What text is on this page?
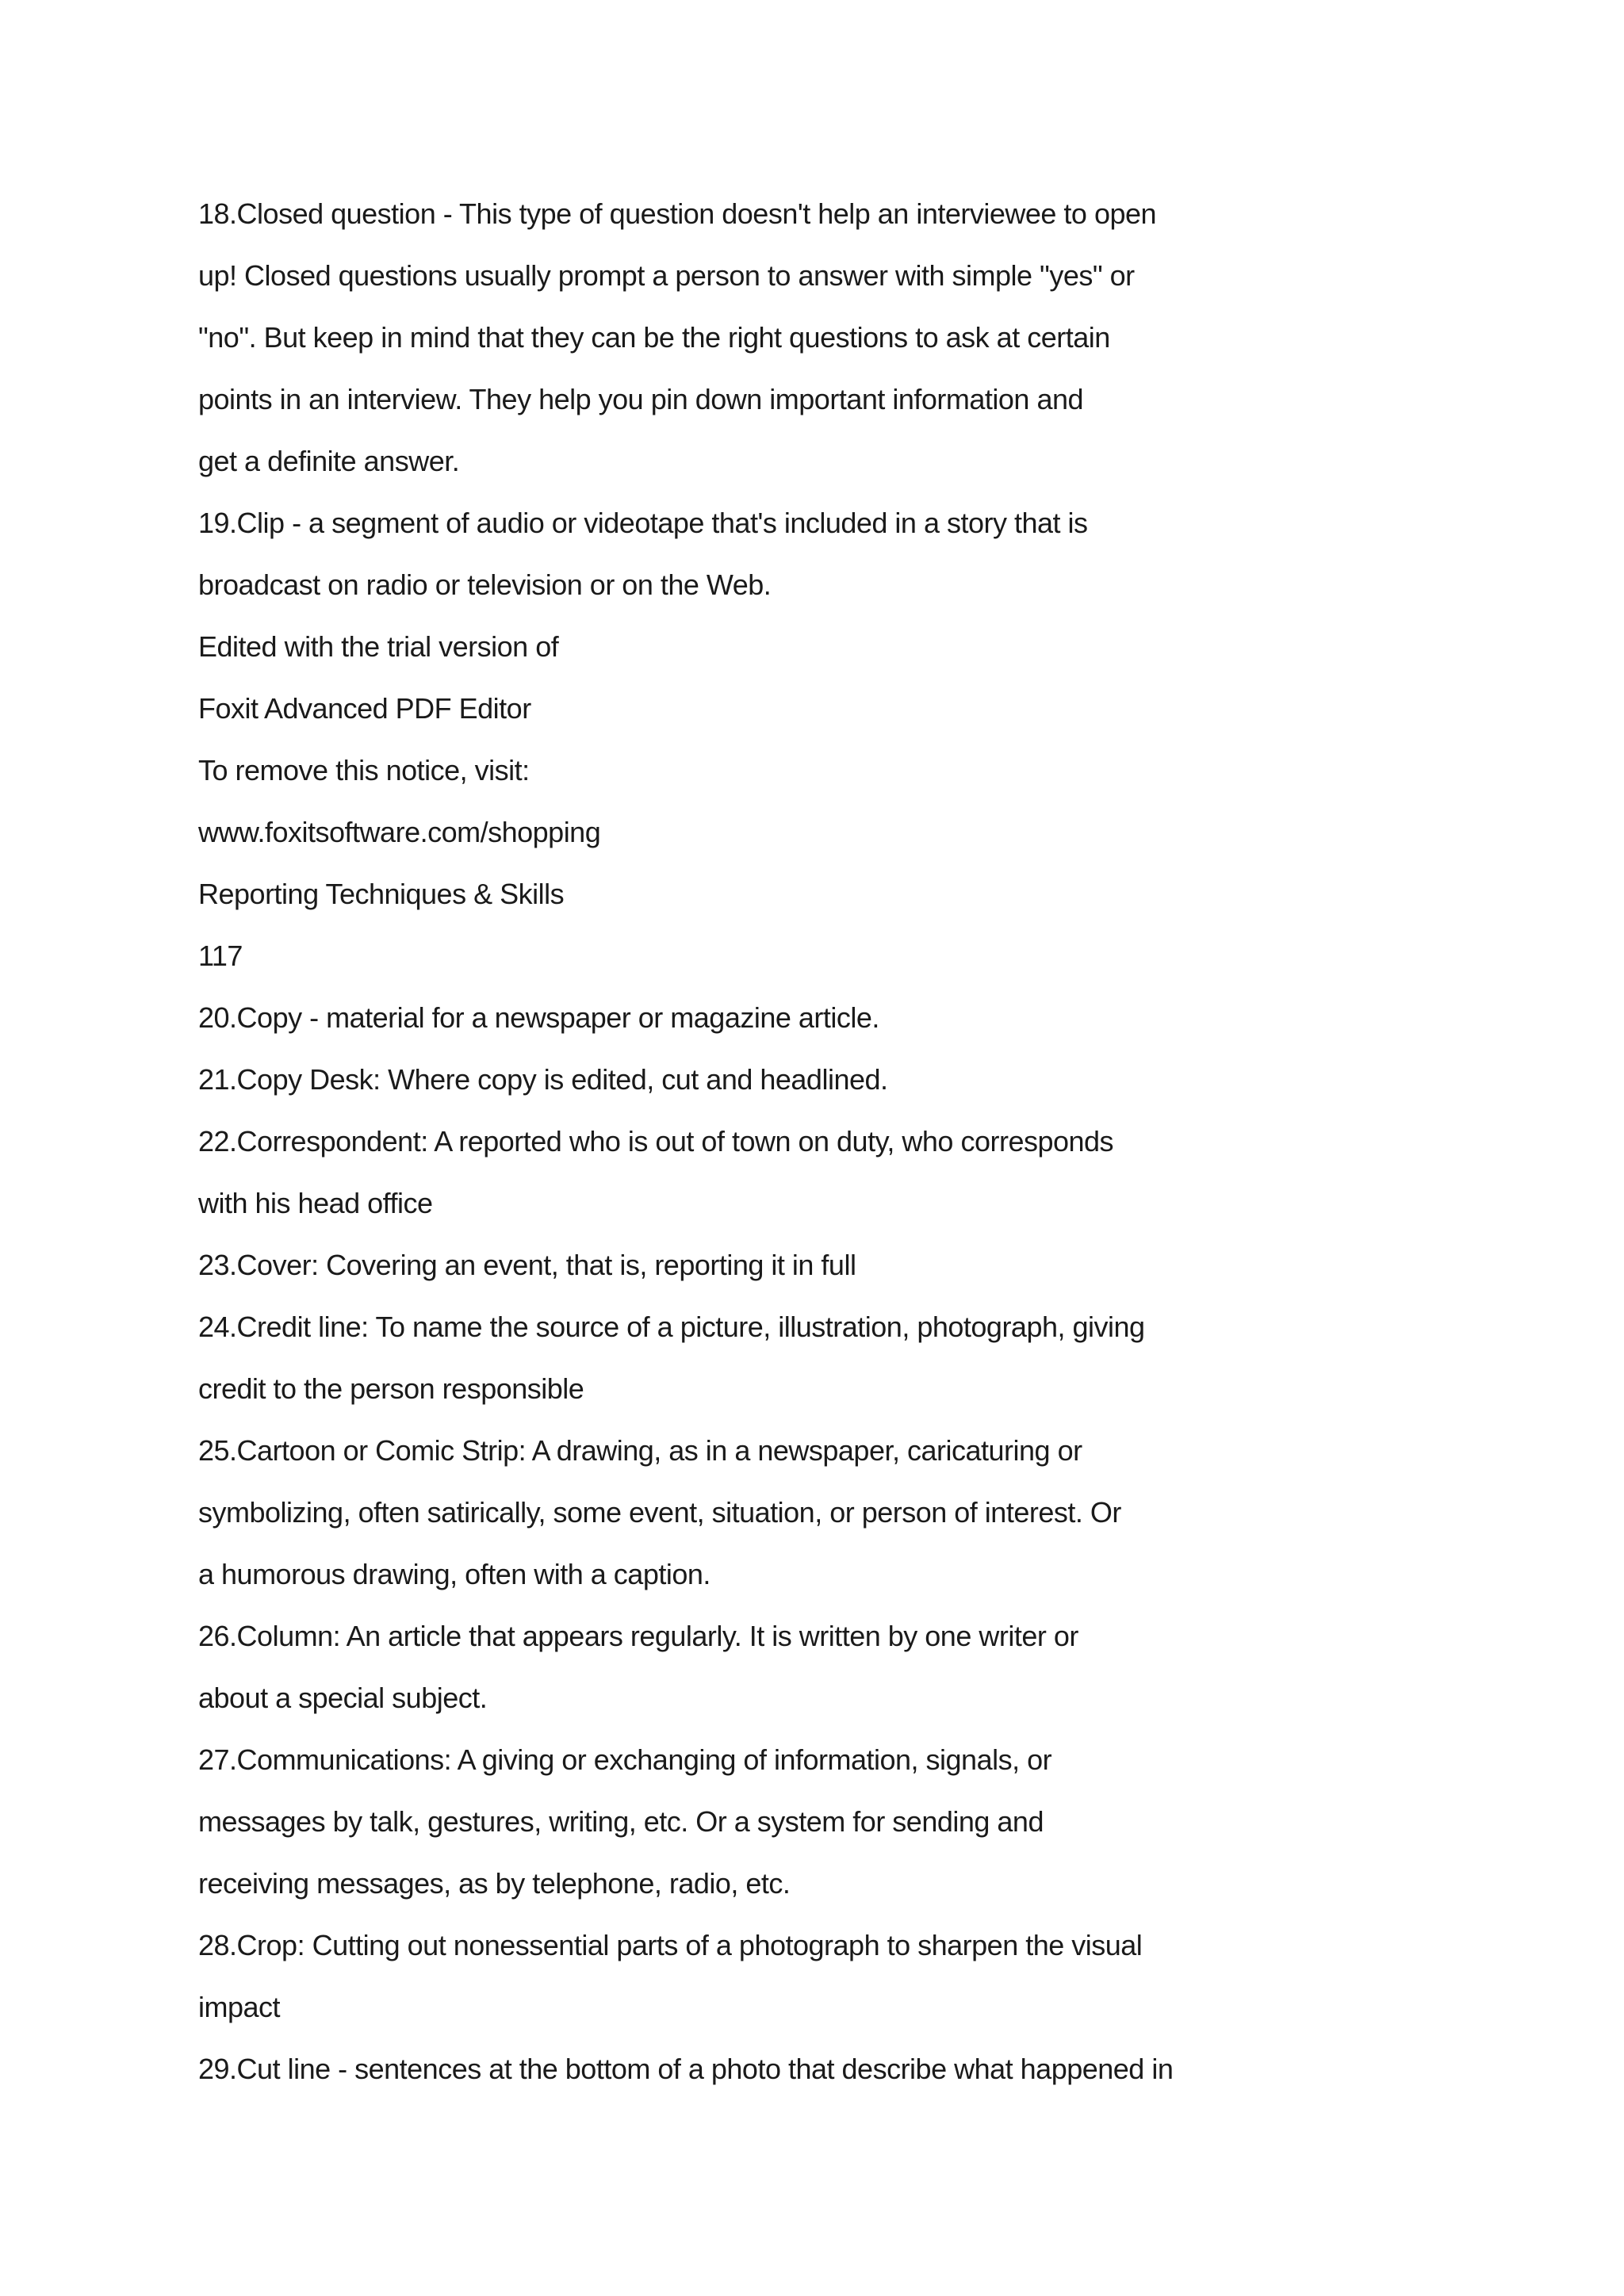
18.Closed question - This type of question doesn't help an interviewee to open
up! Closed questions usually prompt a person to answer with simple "yes" or
"no". But keep in mind that they can be the right questions to ask at certain
points in an interview. They help you pin down important information and
get a definite answer.
19.Clip - a segment of audio or videotape that's included in a story that is
broadcast on radio or television or on the Web.
Edited with the trial version of
Foxit Advanced PDF Editor
To remove this notice, visit:
www.foxitsoftware.com/shopping
Reporting Techniques & Skills
117
20.Copy - material for a newspaper or magazine article.
21.Copy Desk: Where copy is edited, cut and headlined.
22.Correspondent: A reported who is out of town on duty, who corresponds
with his head office
23.Cover: Covering an event, that is, reporting it in full
24.Credit line: To name the source of a picture, illustration, photograph, giving
credit to the person responsible
25.Cartoon or Comic Strip: A drawing, as in a newspaper, caricaturing or
symbolizing, often satirically, some event, situation, or person of interest. Or
a humorous drawing, often with a caption.
26.Column: An article that appears regularly. It is written by one writer or
about a special subject.
27.Communications: A giving or exchanging of information, signals, or
messages by talk, gestures, writing, etc. Or a system for sending and
receiving messages, as by telephone, radio, etc.
28.Crop: Cutting out nonessential parts of a photograph to sharpen the visual
impact
29.Cut line - sentences at the bottom of a photo that describe what happened in
